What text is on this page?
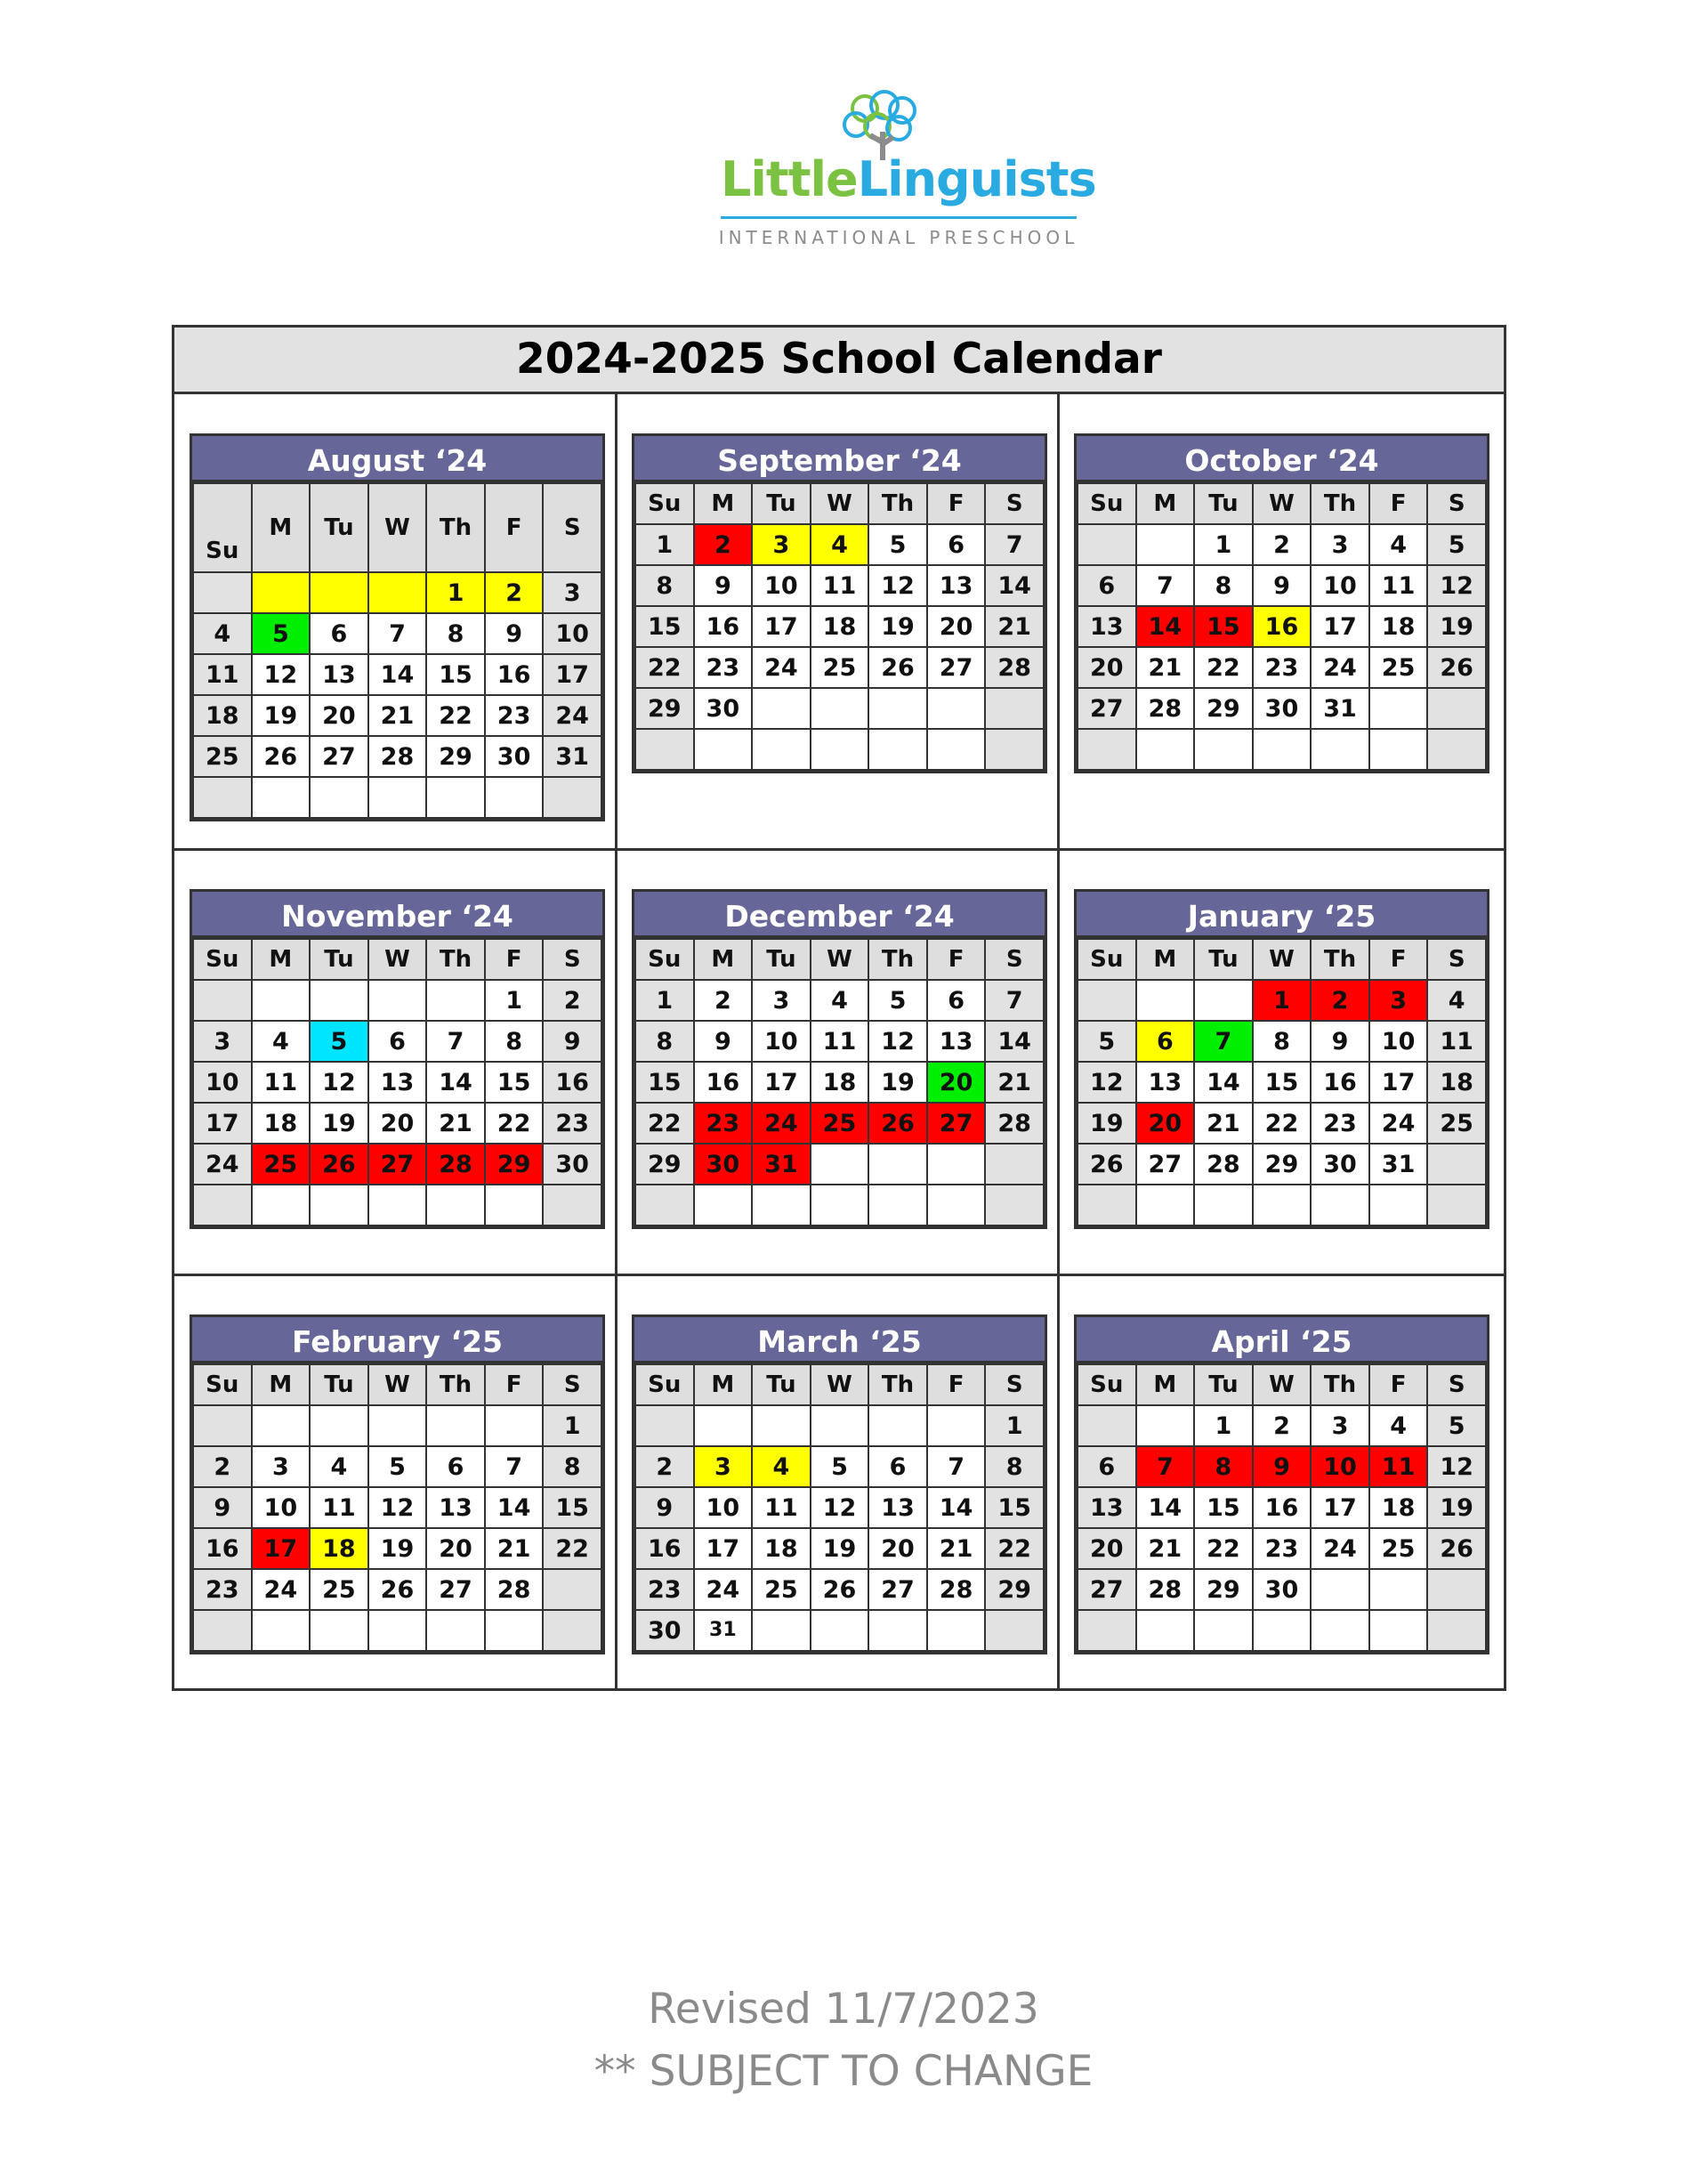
LittleLinguists
INTERNATIONAL PRESCHOOL
2024-2025 School Calendar
August ‘24
Su	M	Tu	W	Th	F	S
				1	2	3
4	5	6	7	8	9	10
11	12	13	14	15	16	17
18	19	20	21	22	23	24
25	26	27	28	29	30	31

September ‘24
Su	M	Tu	W	Th	F	S
1	2	3	4	5	6	7
8	9	10	11	12	13	14
15	16	17	18	19	20	21
22	23	24	25	26	27	28
29	30					

October ‘24
Su	M	Tu	W	Th	F	S
		1	2	3	4	5
6	7	8	9	10	11	12
13	14	15	16	17	18	19
20	21	22	23	24	25	26
27	28	29	30	31		

November ‘24
Su	M	Tu	W	Th	F	S
					1	2
3	4	5	6	7	8	9
10	11	12	13	14	15	16
17	18	19	20	21	22	23
24	25	26	27	28	29	30

December ‘24
Su	M	Tu	W	Th	F	S
1	2	3	4	5	6	7
8	9	10	11	12	13	14
15	16	17	18	19	20	21
22	23	24	25	26	27	28
29	30	31				

January ‘25
Su	M	Tu	W	Th	F	S
			1	2	3	4
5	6	7	8	9	10	11
12	13	14	15	16	17	18
19	20	21	22	23	24	25
26	27	28	29	30	31	

February ‘25
Su	M	Tu	W	Th	F	S
						1
2	3	4	5	6	7	8
9	10	11	12	13	14	15
16	17	18	19	20	21	22
23	24	25	26	27	28	

March ‘25
Su	M	Tu	W	Th	F	S
						1
2	3	4	5	6	7	8
9	10	11	12	13	14	15
16	17	18	19	20	21	22
23	24	25	26	27	28	29
30	31					
April ‘25
Su	M	Tu	W	Th	F	S
		1	2	3	4	5
6	7	8	9	10	11	12
13	14	15	16	17	18	19
20	21	22	23	24	25	26
27	28	29	30			

Revised 11/7/2023
** SUBJECT TO CHANGE
